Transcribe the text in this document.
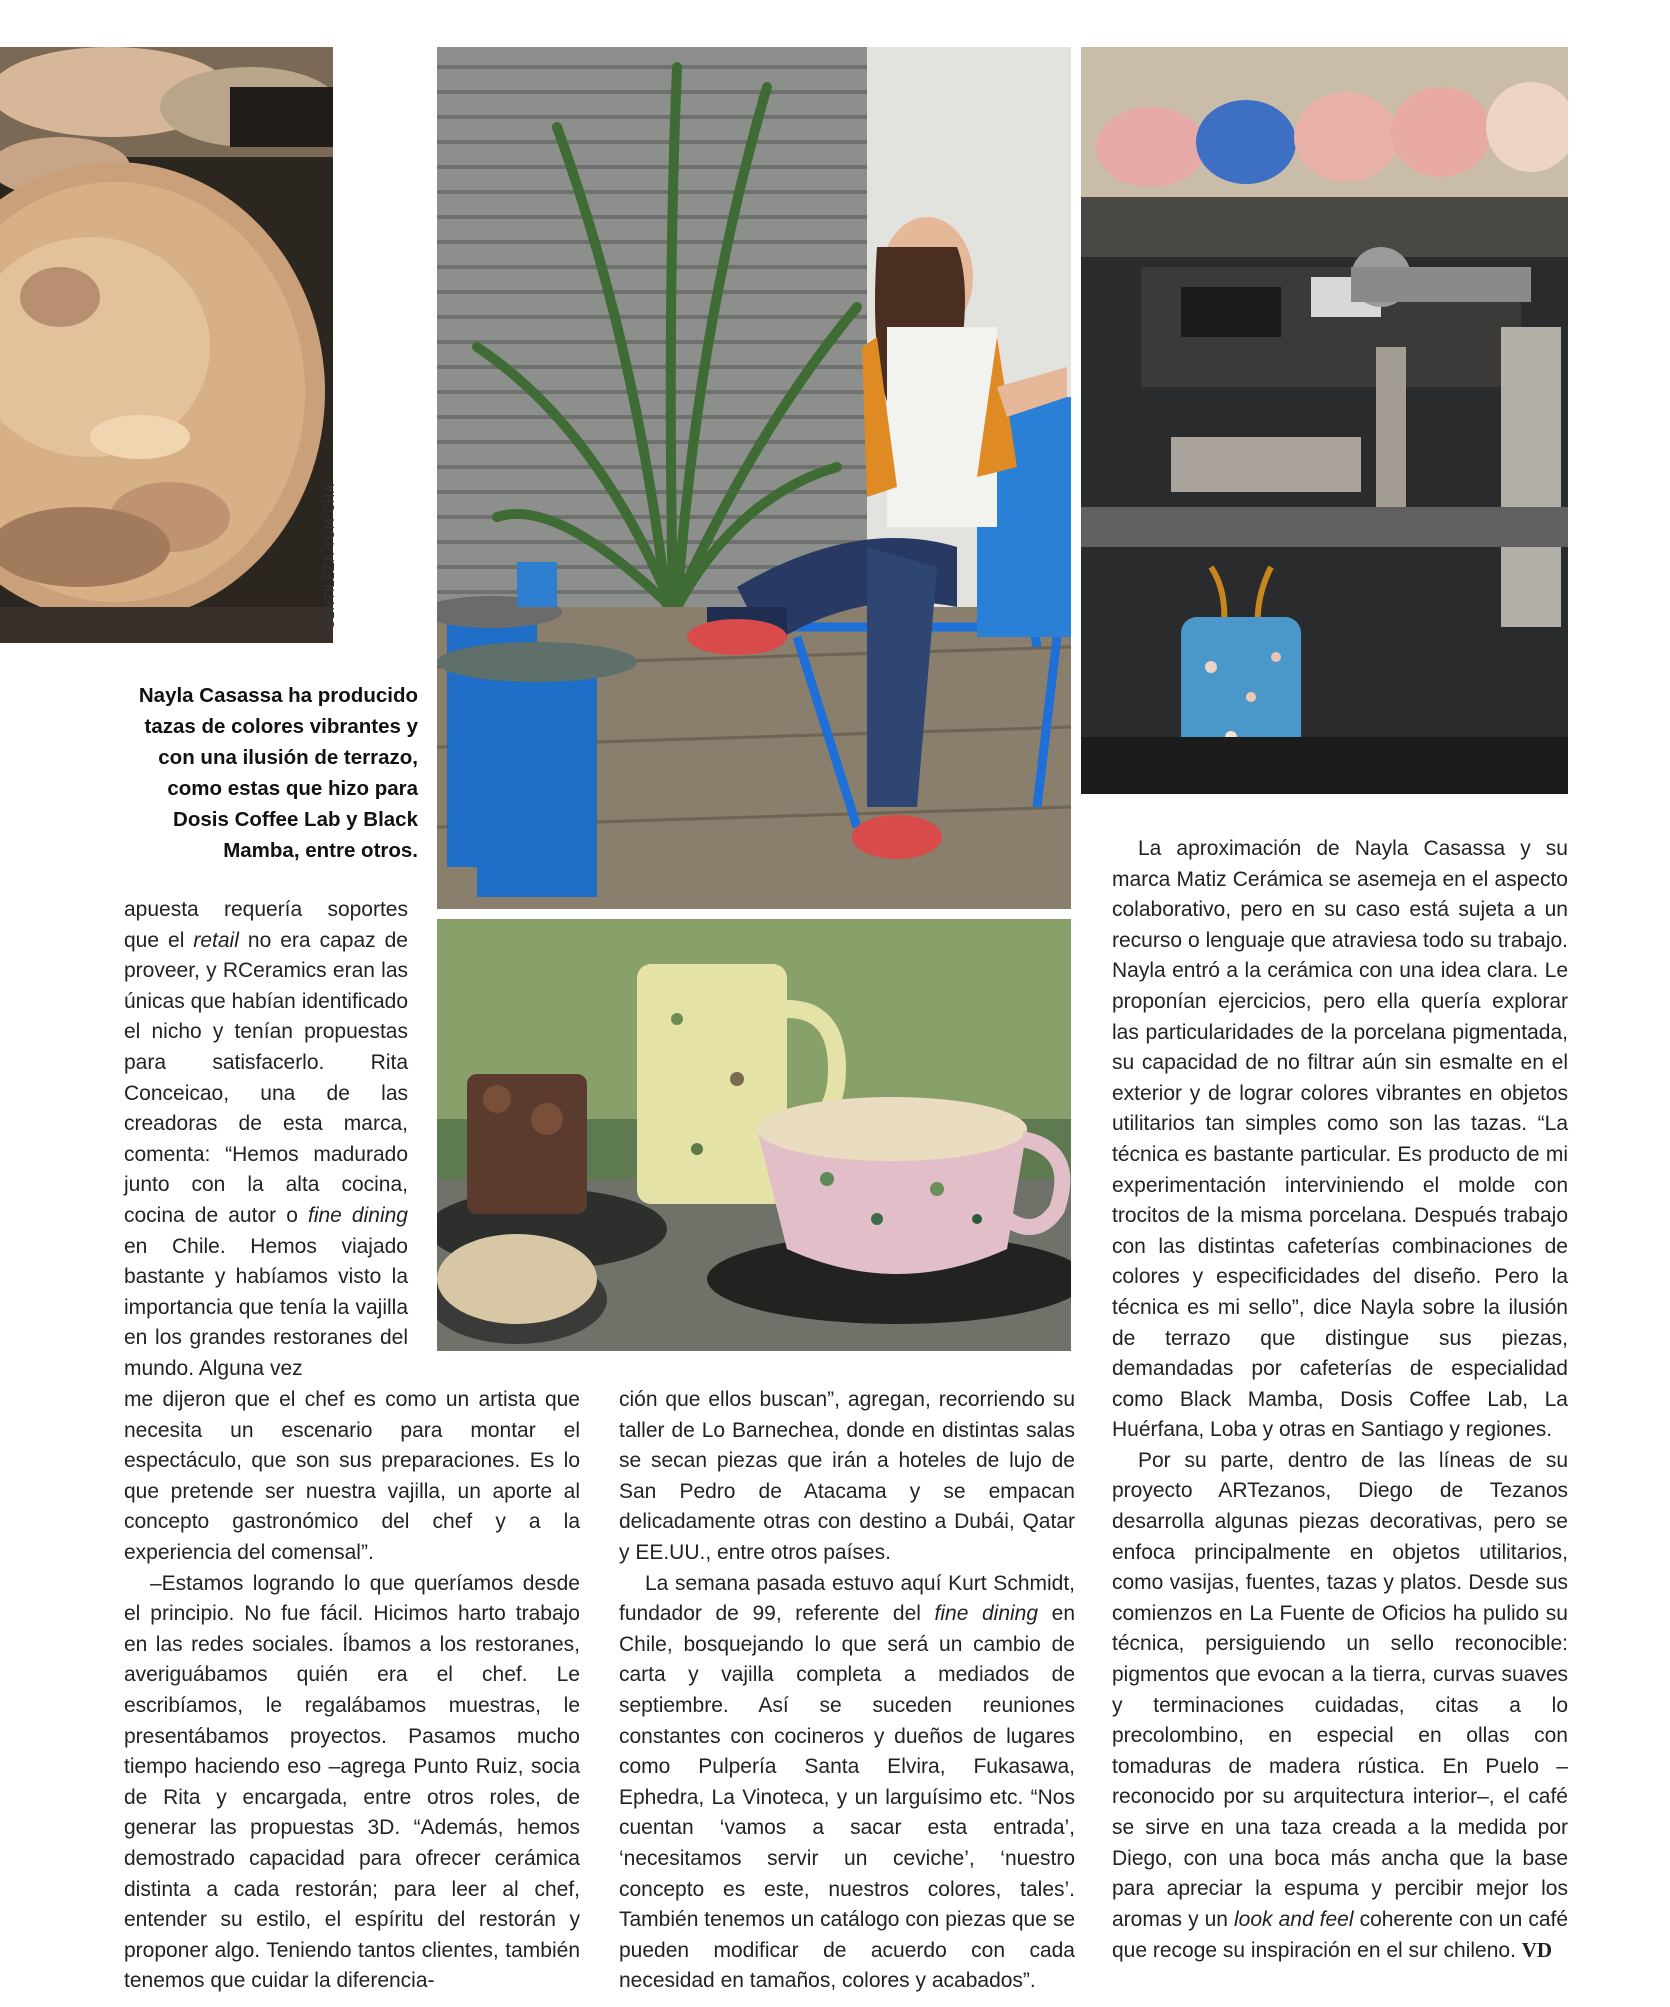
GENTILEZA YUM CHA
Nayla Casassa ha producido tazas de colores vibrantes y con una ilusión de terrazo, como estas que hizo para Dosis Coffee Lab y Black Mamba, entre otros.

apuesta requería soportes que el retail no era capaz de proveer, y RCeramics eran las únicas que habían identificado el nicho y tenían propuestas para satisfacerlo. Rita Conceicao, una de las creadoras de esta marca, comenta: “Hemos madurado junto con la alta cocina, cocina de autor o fine dining en Chile. Hemos viajado bastante y habíamos visto la importancia que tenía la vajilla en los grandes restoranes del mundo. Alguna vez

me dijeron que el chef es como un artista que necesita un escenario para montar el espectáculo, que son sus preparaciones. Es lo que pretende ser nuestra vajilla, un aporte al concepto gastronómico del chef y a la experiencia del comensal”.

–Estamos logrando lo que queríamos desde el principio. No fue fácil. Hicimos harto trabajo en las redes sociales. Íbamos a los restoranes, averiguábamos quién era el chef. Le escribíamos, le regalábamos muestras, le presentábamos proyectos. Pasamos mucho tiempo haciendo eso –agrega Punto Ruiz, socia de Rita y encargada, entre otros roles, de generar las propuestas 3D. “Además, hemos demostrado capacidad para ofrecer cerámica distinta a cada restorán; para leer al chef, entender su estilo, el espíritu del restorán y proponer algo. Teniendo tantos clientes, también tenemos que cuidar la diferencia-

ción que ellos buscan”, agregan, recorriendo su taller de Lo Barnechea, donde en distintas salas se secan piezas que irán a hoteles de lujo de San Pedro de Atacama y se empacan delicadamente otras con destino a Dubái, Qatar y EE.UU., entre otros países.

La semana pasada estuvo aquí Kurt Schmidt, fundador de 99, referente del fine dining en Chile, bosquejando lo que será un cambio de carta y vajilla completa a mediados de septiembre. Así se suceden reuniones constantes con cocineros y dueños de lugares como Pulpería Santa Elvira, Fukasawa, Ephedra, La Vinoteca, y un larguísimo etc. “Nos cuentan ‘vamos a sacar esta entrada’, ‘necesitamos servir un ceviche’, ‘nuestro concepto es este, nuestros colores, tales’. También tenemos un catálogo con piezas que se pueden modificar de acuerdo con cada necesidad en tamaños, colores y acabados”.

La aproximación de Nayla Casassa y su marca Matiz Cerámica se asemeja en el aspecto colaborativo, pero en su caso está sujeta a un recurso o lenguaje que atraviesa todo su trabajo. Nayla entró a la cerámica con una idea clara. Le proponían ejercicios, pero ella quería explorar las particularidades de la porcelana pigmentada, su capacidad de no filtrar aún sin esmalte en el exterior y de lograr colores vibrantes en objetos utilitarios tan simples como son las tazas. “La técnica es bastante particular. Es producto de mi experimentación interviniendo el molde con trocitos de la misma porcelana. Después trabajo con las distintas cafeterías combinaciones de colores y especificidades del diseño. Pero la técnica es mi sello”, dice Nayla sobre la ilusión de terrazo que distingue sus piezas, demandadas por cafeterías de especialidad como Black Mamba, Dosis Coffee Lab, La Huérfana, Loba y otras en Santiago y regiones.

Por su parte, dentro de las líneas de su proyecto ARTezanos, Diego de Tezanos desarrolla algunas piezas decorativas, pero se enfoca principalmente en objetos utilitarios, como vasijas, fuentes, tazas y platos. Desde sus comienzos en La Fuente de Oficios ha pulido su técnica, persiguiendo un sello reconocible: pigmentos que evocan a la tierra, curvas suaves y terminaciones cuidadas, citas a lo precolombino, en especial en ollas con tomaduras de madera rústica. En Puelo –reconocido por su arquitectura interior–, el café se sirve en una taza creada a la medida por Diego, con una boca más ancha que la base para apreciar la espuma y percibir mejor los aromas y un look and feel coherente con un café que recoge su inspiración en el sur chileno. VD
